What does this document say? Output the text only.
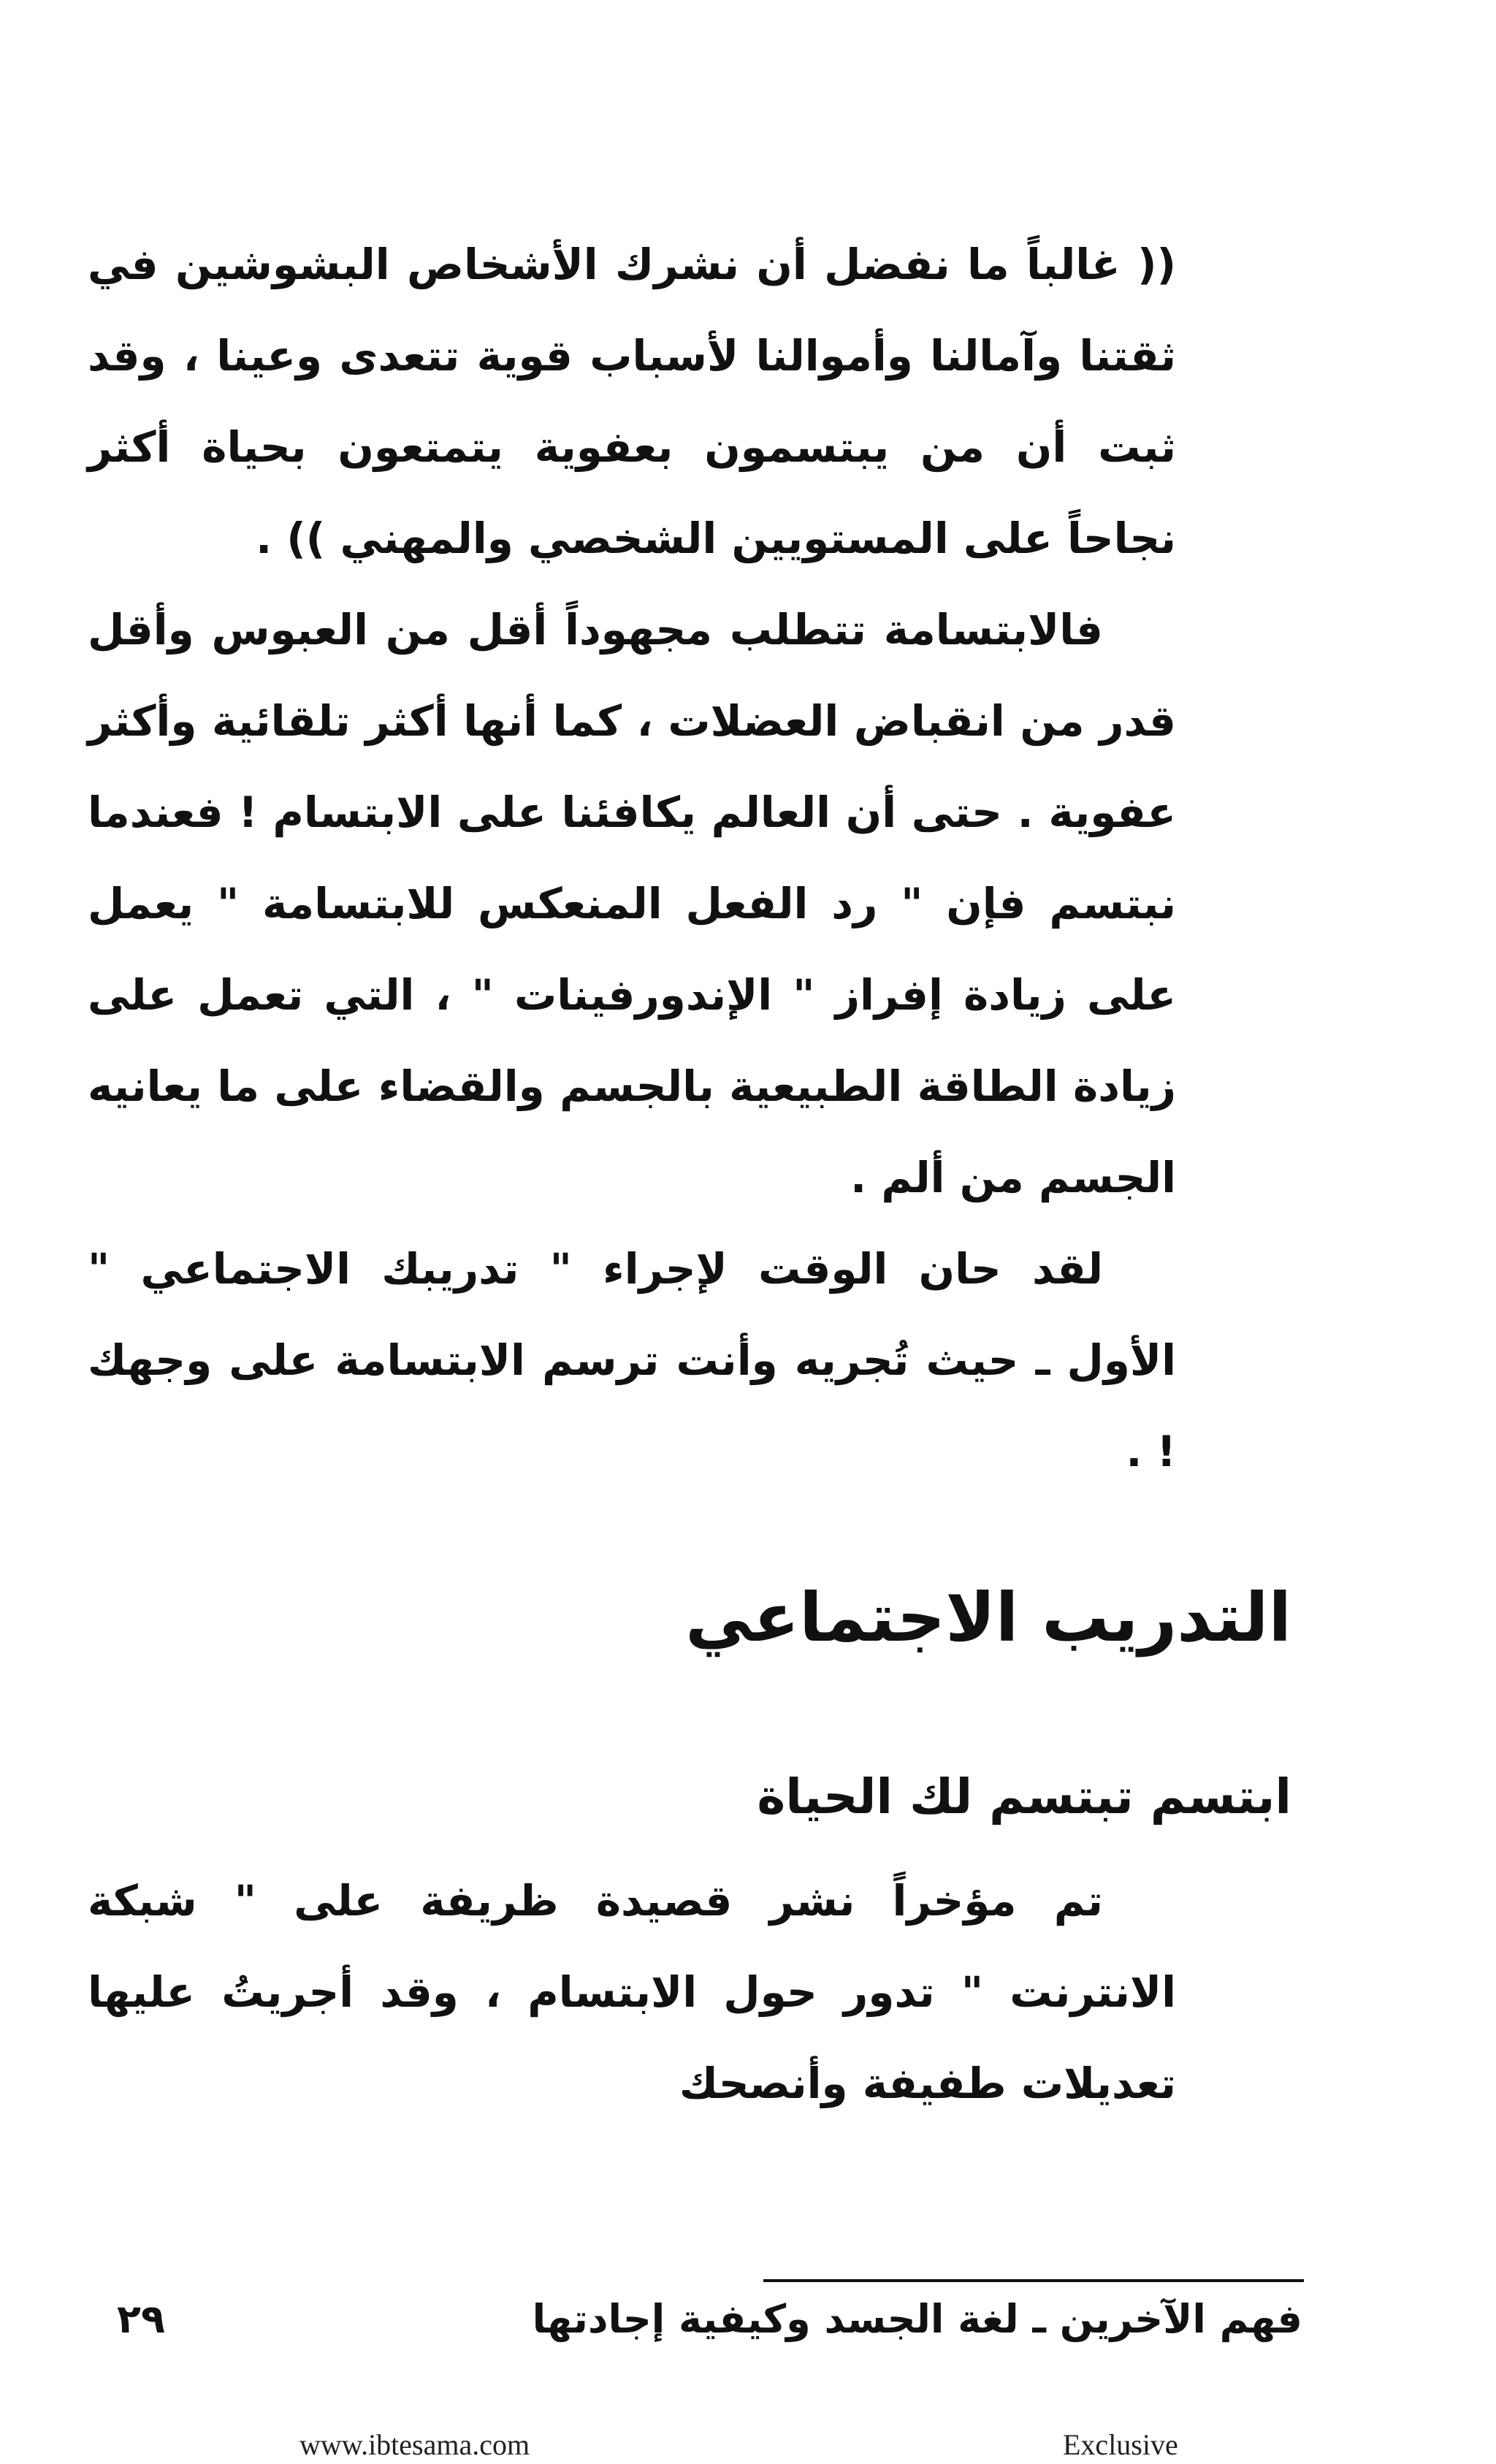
(( غالباً ما نفضل أن نشرك الأشخاص البشوشين في ثقتنا وآمالنا وأموالنا لأسباب قوية تتعدى وعينا ، وقد ثبت أن من يبتسمون بعفوية يتمتعون بحياة أكثر نجاحاً على المستويين الشخصي والمهني )) .

فالابتسامة تتطلب مجهوداً أقل من العبوس وأقل قدر من انقباض العضلات ، كما أنها أكثر تلقائية وأكثر عفوية . حتى أن العالم يكافئنا على الابتسام ! فعندما نبتسم فإن " رد الفعل المنعكس للابتسامة " يعمل على زيادة إفراز " الإندورفينات " ، التي تعمل على زيادة الطاقة الطبيعية بالجسم والقضاء على ما يعانيه الجسم من ألم .

لقد حان الوقت لإجراء " تدريبك الاجتماعي " الأول ـ حيث تُجريه وأنت ترسم الابتسامة على وجهك ! .

التدريب الاجتماعي
ابتسم تبتسم لك الحياة

تم مؤخراً نشر قصيدة ظريفة على " شبكة الانترنت " تدور حول الابتسام ، وقد أجريتُ عليها تعديلات طفيفة وأنصحك

فهم الآخرين ـ لغة الجسد وكيفية إجادتها
٢٩
www.ibtesama.com	Exclusive
